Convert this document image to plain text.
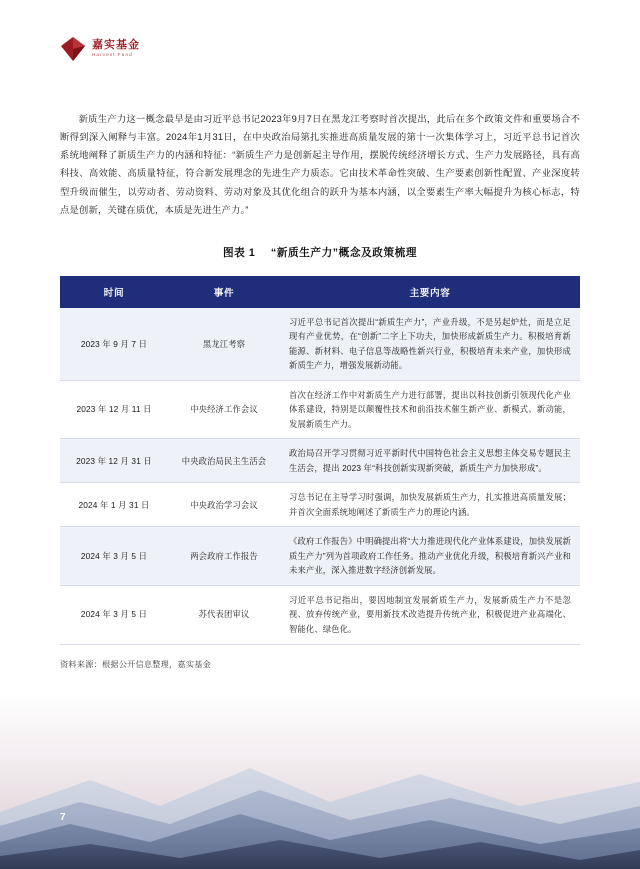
嘉实基金
Harvest Fund

新质生产力这一概念最早是由习近平总书记2023年9月7日在黑龙江考察时首次提出，此后在多个政策文件和重要场合不断得到深入阐释与丰富。2024年1月31日，在中央政治局第扎实推进高质量发展的第十一次集体学习上，习近平总书记首次系统地阐释了新质生产力的内涵和特征：“新质生产力是创新起主导作用，摆脱传统经济增长方式、生产力发展路径，具有高科技、高效能、高质量特征，符合新发展理念的先进生产力质态。它由技术革命性突破、生产要素创新性配置、产业深度转型升级而催生，以劳动者、劳动资料、劳动对象及其优化组合的跃升为基本内涵，以全要素生产率大幅提升为核心标志，特点是创新，关键在质优，本质是先进生产力。”

图表 1 “新质生产力”概念及政策梳理
时间	事件	主要内容
2023 年 9 月 7 日	黑龙江考察	习近平总书记首次提出“新质生产力”，产业升级，不是另起炉灶，而是立足现有产业优势，在“创新”二字上下功夫，加快形成新质生产力。积极培育新能源、新材料、电子信息等战略性新兴行业，积极培育未来产业，加快形成新质生产力，增强发展新动能。
2023 年 12 月 11 日	中央经济工作会议	首次在经济工作中对新质生产力进行部署，提出以科技创新引领现代化产业体系建设，特别是以颠覆性技术和前沿技术催生新产业、新模式、新动能，发展新质生产力。
2023 年 12 月 31 日	中央政治局民主生活会	政治局召开学习贯彻习近平新时代中国特色社会主义思想主体交易专题民主生活会，提出 2023 年“科技创新实现新突破，新质生产力加快形成”。
2024 年 1 月 31 日	中央政治学习会议	习总书记在主导学习时强调，加快发展新质生产力，扎实推进高质量发展；并首次全面系统地阐述了新质生产力的理论内涵。
2024 年 3 月 5 日	两会政府工作报告	《政府工作报告》中明确提出将“大力推进现代化产业体系建设，加快发展新质生产力”列为首项政府工作任务。推动产业优化升级，积极培育新兴产业和未来产业，深入推进数字经济创新发展。
2024 年 3 月 5 日	苏代表团审议	习近平总书记指出，要因地制宜发展新质生产力，发展新质生产力不是忽视、放弃传统产业，要用新技术改造提升传统产业，积极促进产业高端化、智能化、绿色化。
资料来源：根据公开信息整理，嘉实基金
7
